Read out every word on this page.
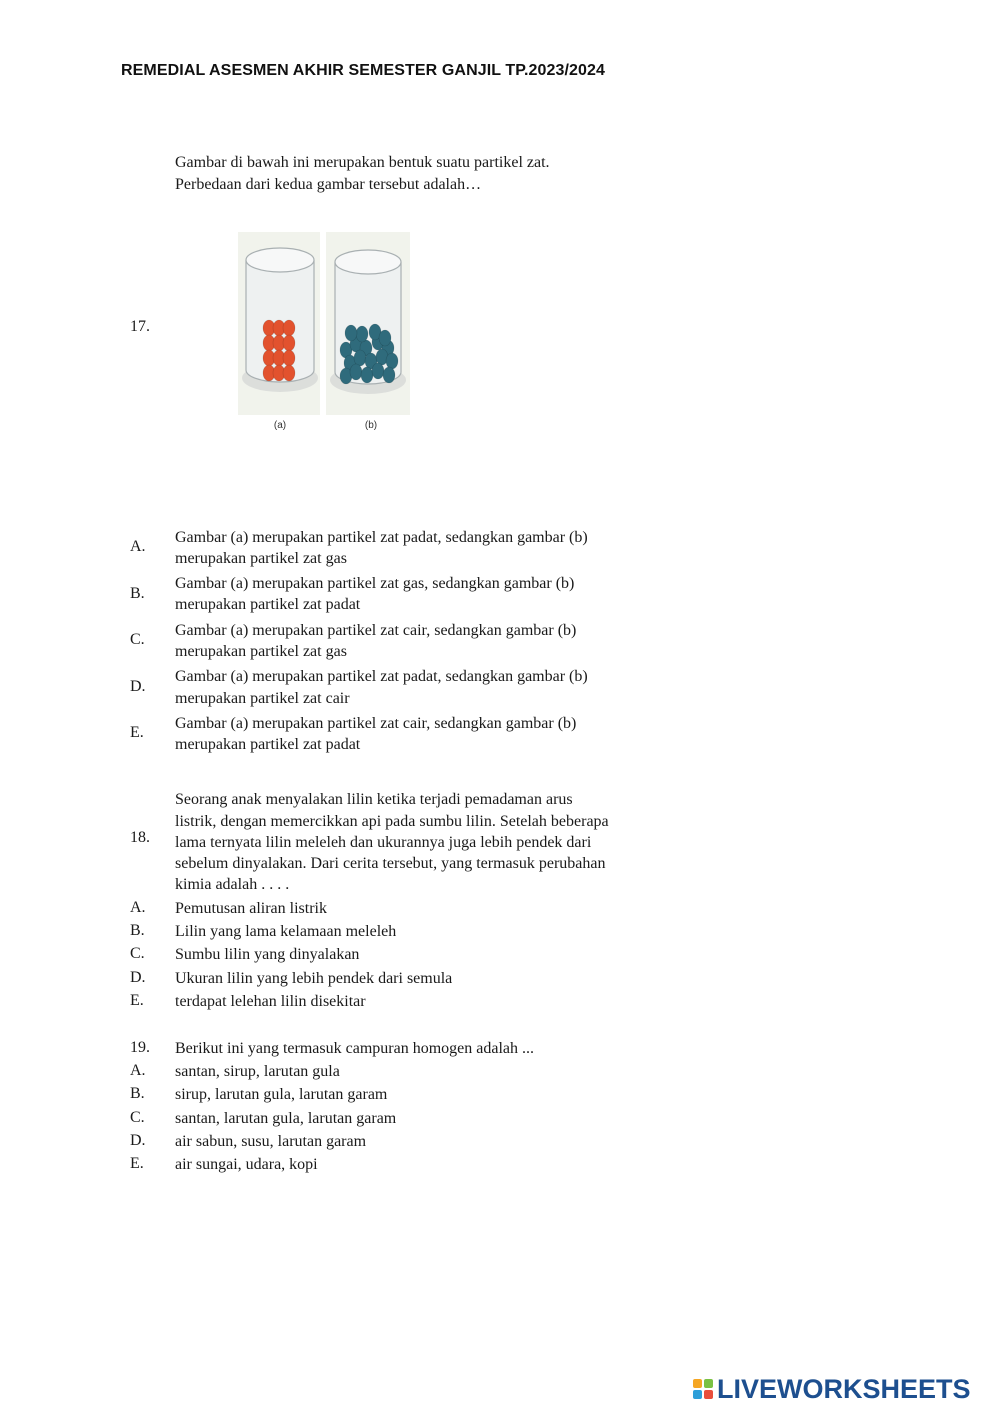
REMEDIAL ASESMEN AKHIR SEMESTER GANJIL TP.2023/2024
Gambar di bawah ini merupakan bentuk suatu partikel zat.
Perbedaan dari kedua gambar tersebut adalah…
17.
(a)	(b)
A.
Gambar (a) merupakan partikel zat padat, sedangkan gambar (b)
merupakan partikel zat gas
B.
Gambar (a) merupakan partikel zat gas, sedangkan gambar (b)
merupakan partikel zat padat
C.
Gambar (a) merupakan partikel zat cair, sedangkan gambar (b)
merupakan partikel zat gas
D.
Gambar (a) merupakan partikel zat padat, sedangkan gambar (b)
merupakan partikel zat cair
E.
Gambar (a) merupakan partikel zat cair, sedangkan gambar (b)
merupakan partikel zat padat
18.
Seorang anak menyalakan lilin ketika terjadi pemadaman arus
listrik, dengan memercikkan api pada sumbu lilin. Setelah beberapa
lama ternyata lilin meleleh dan ukurannya juga lebih pendek dari
sebelum dinyalakan. Dari cerita tersebut, yang termasuk perubahan
kimia adalah . . . .
A. Pemutusan aliran listrik
B. Lilin yang lama kelamaan meleleh
C. Sumbu lilin yang dinyalakan
D. Ukuran lilin yang lebih pendek dari semula
E. terdapat lelehan lilin disekitar
19. Berikut ini yang termasuk campuran homogen adalah ...
A. santan, sirup, larutan gula
B. sirup, larutan gula, larutan garam
C. santan, larutan gula, larutan garam
D. air sabun, susu, larutan garam
E. air sungai, udara, kopi
LIVEWORKSHEETS
